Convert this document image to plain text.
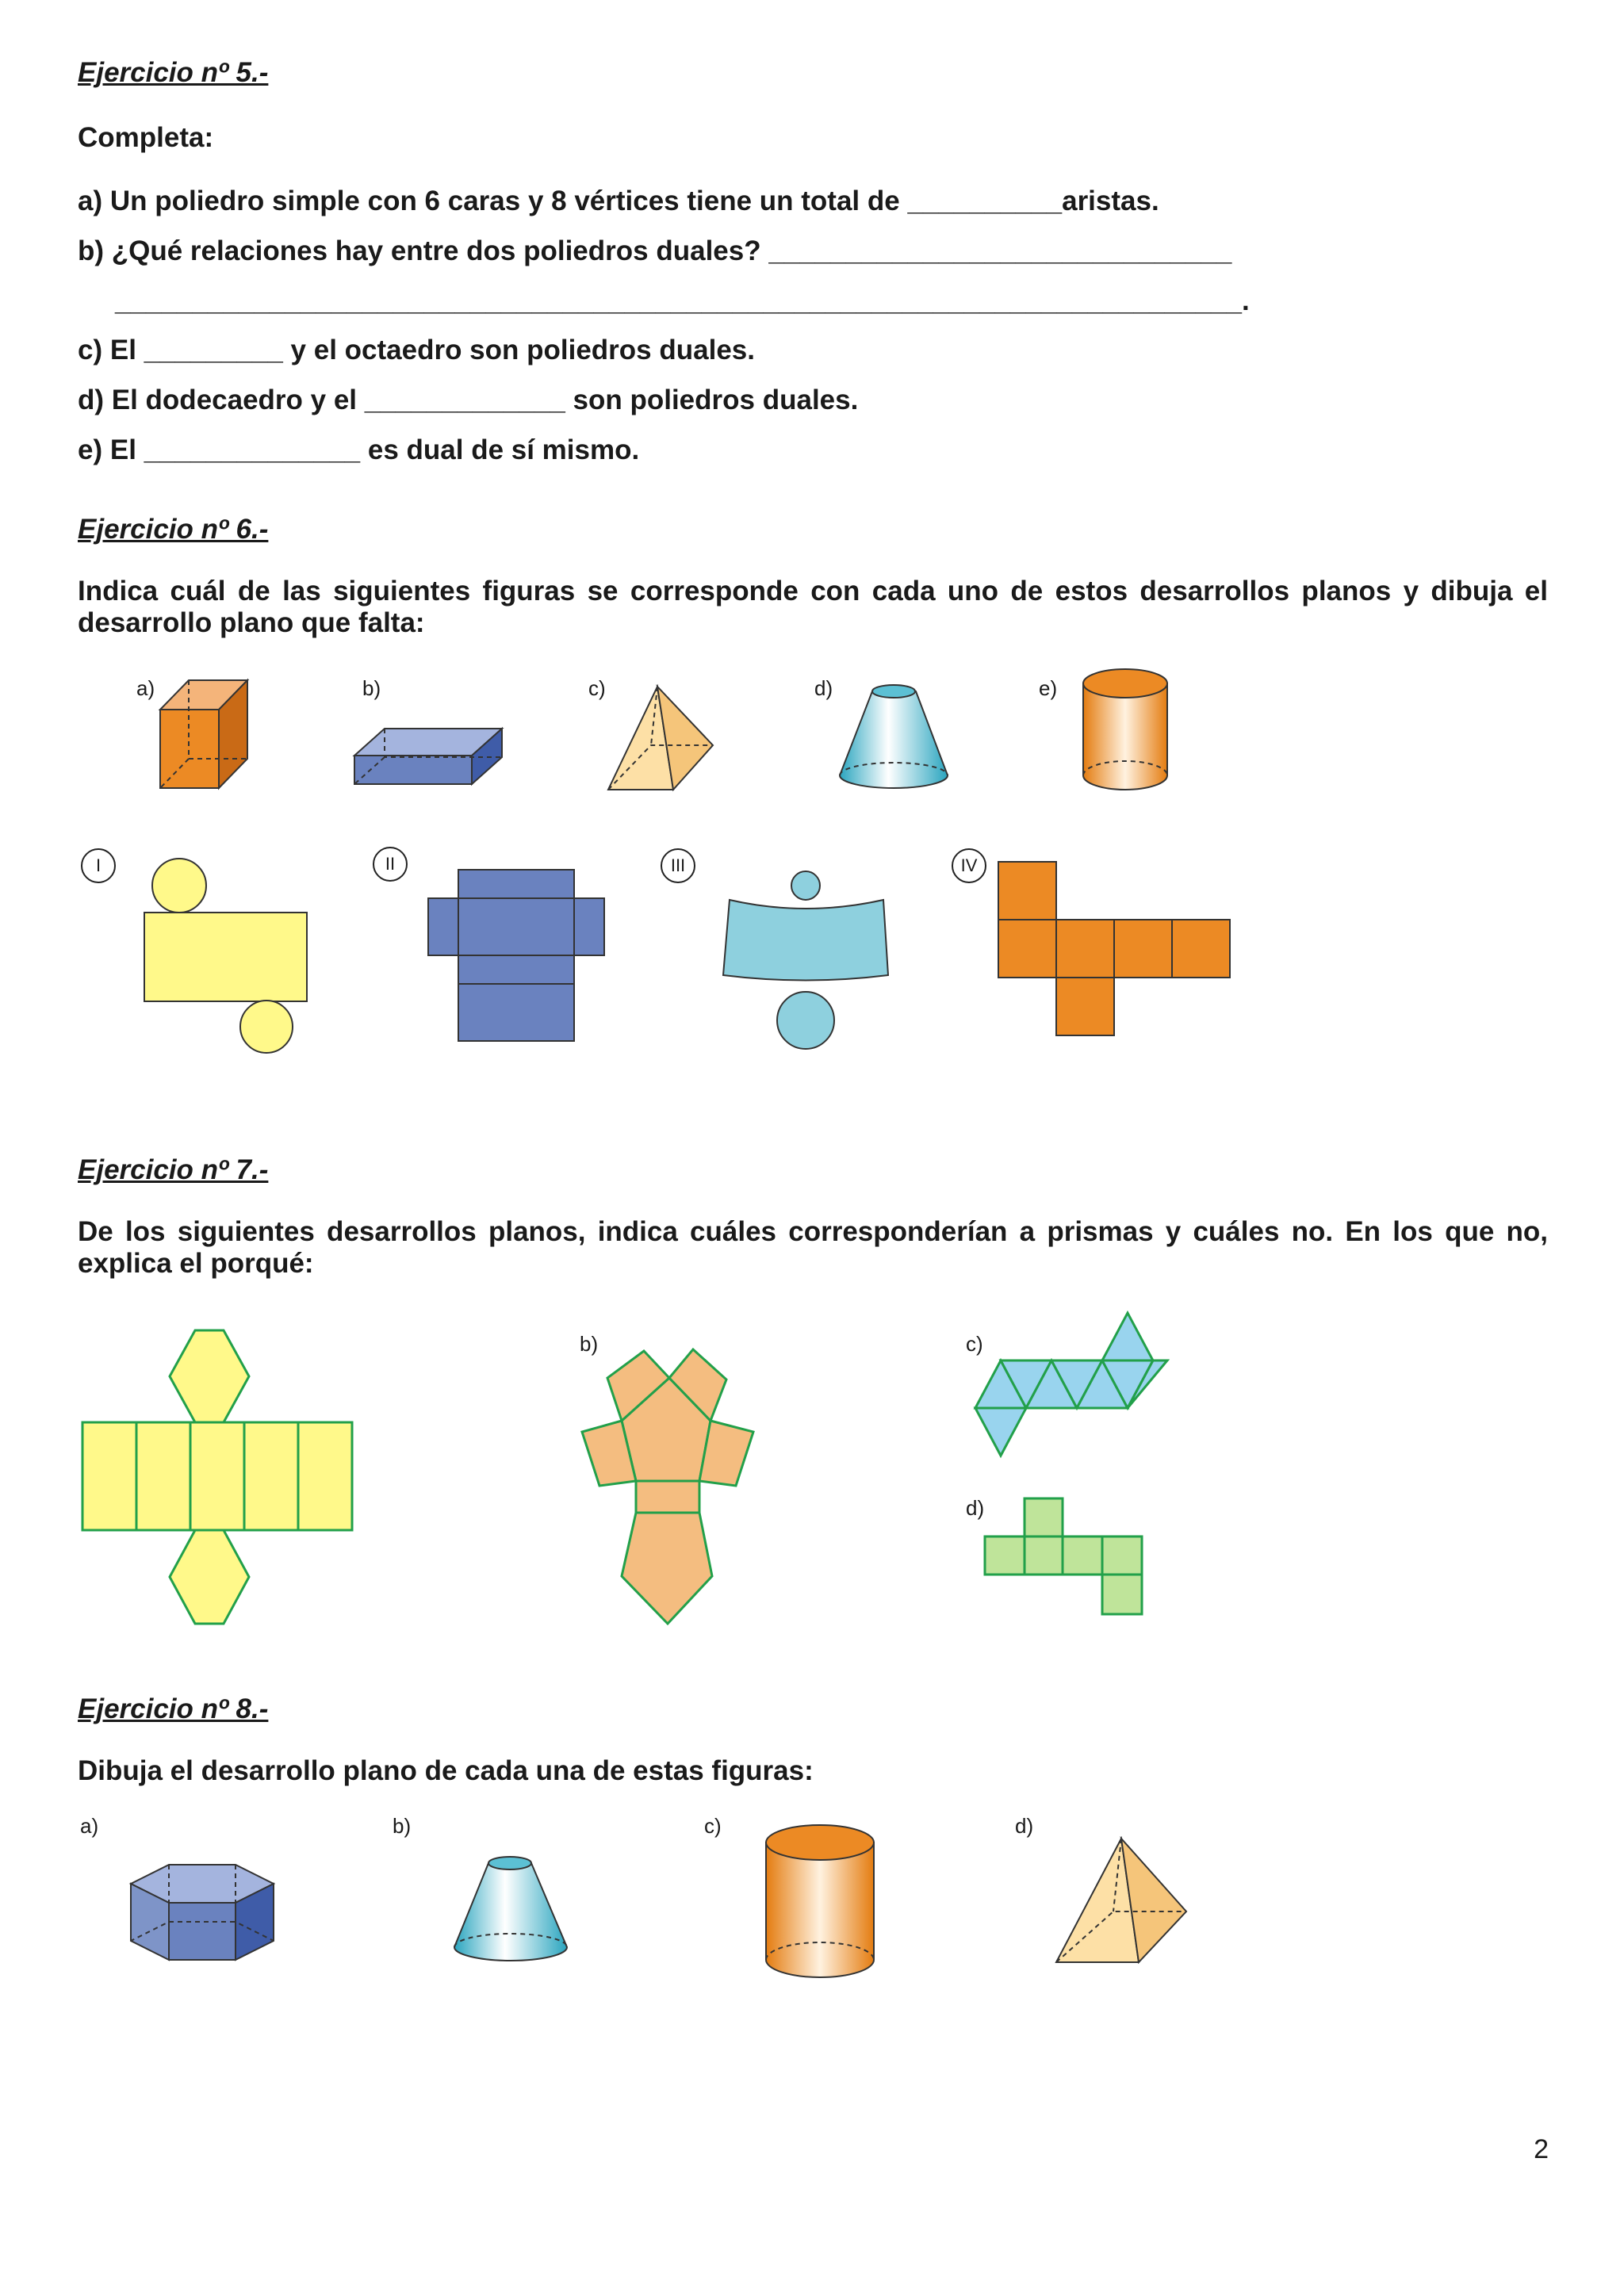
Ejercicio nº 5.-
Completa:
a) Un poliedro simple con 6 caras y 8 vértices tiene un total de __________aristas.
b) ¿Qué relaciones hay entre dos poliedros duales? ______________________________
_________________________________________________________________________.
c) El _________ y el octaedro son poliedros duales.
d) El dodecaedro y el _____________ son poliedros duales.
e) El ______________ es dual de sí mismo.
Ejercicio nº 6.-
Indica cuál de las siguientes figuras se corresponde con cada uno de estos desarrollos planos y dibuja el
desarrollo plano que falta:
a)	b)	c)	d)	e)
I	II	III	IV
Ejercicio nº 7.-
De los siguientes desarrollos planos, indica cuáles corresponderían a prismas y cuáles no. En los que no,
explica el porqué:
b)	c)
d)
Ejercicio nº 8.-
Dibuja el desarrollo plano de cada una de estas figuras:
a)	b)	c)	d)
2
